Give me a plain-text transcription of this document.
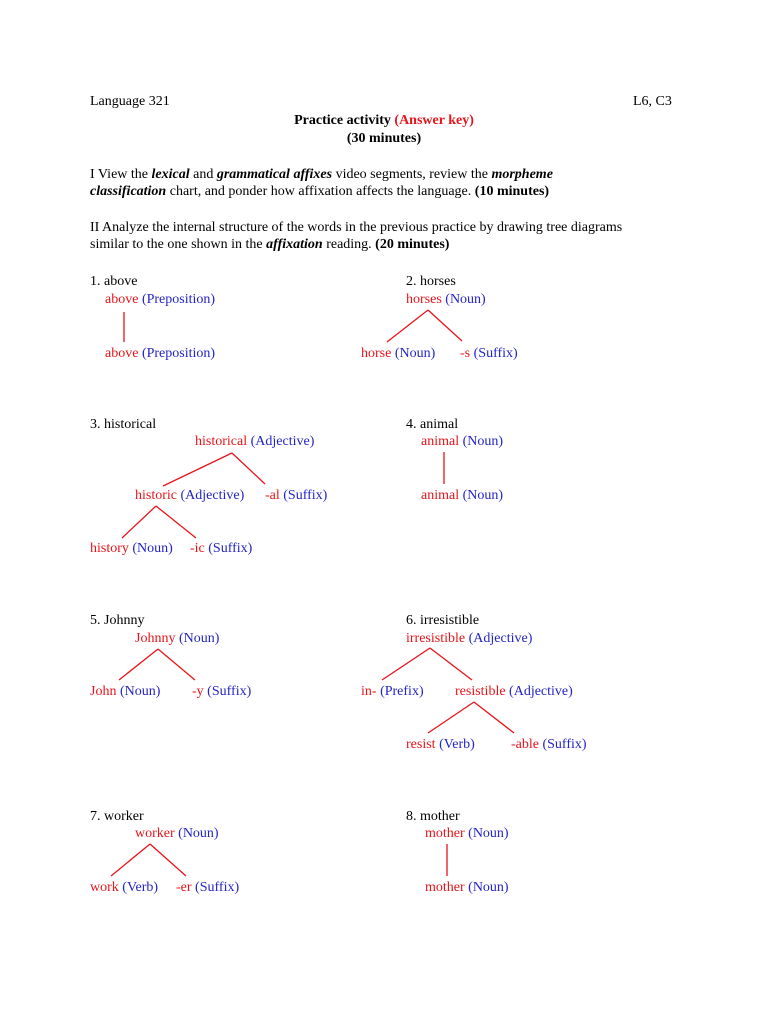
Language 321	L6, C3
Practice activity (Answer key)
(30 minutes)
I View the lexical and grammatical affixes video segments, review the morpheme
classification chart, and ponder how affixation affects the language. (10 minutes)
II Analyze the internal structure of the words in the previous practice by drawing tree diagrams
similar to the one shown in the affixation reading. (20 minutes)
1. above
above (Preposition)
above (Preposition)
2. horses
horses (Noun)
horse (Noun) -s (Suffix)
3. historical
historical (Adjective)
historic (Adjective) -al (Suffix)
history (Noun) -ic (Suffix)
4. animal
animal (Noun)
animal (Noun)
5. Johnny
Johnny (Noun)
John (Noun) -y (Suffix)
6. irresistible
irresistible (Adjective)
in- (Prefix) resistible (Adjective)
resist (Verb)	-able (Suffix)
7. worker
worker (Noun)
work (Verb) -er (Suffix)
8. mother
mother (Noun)
mother (Noun)
